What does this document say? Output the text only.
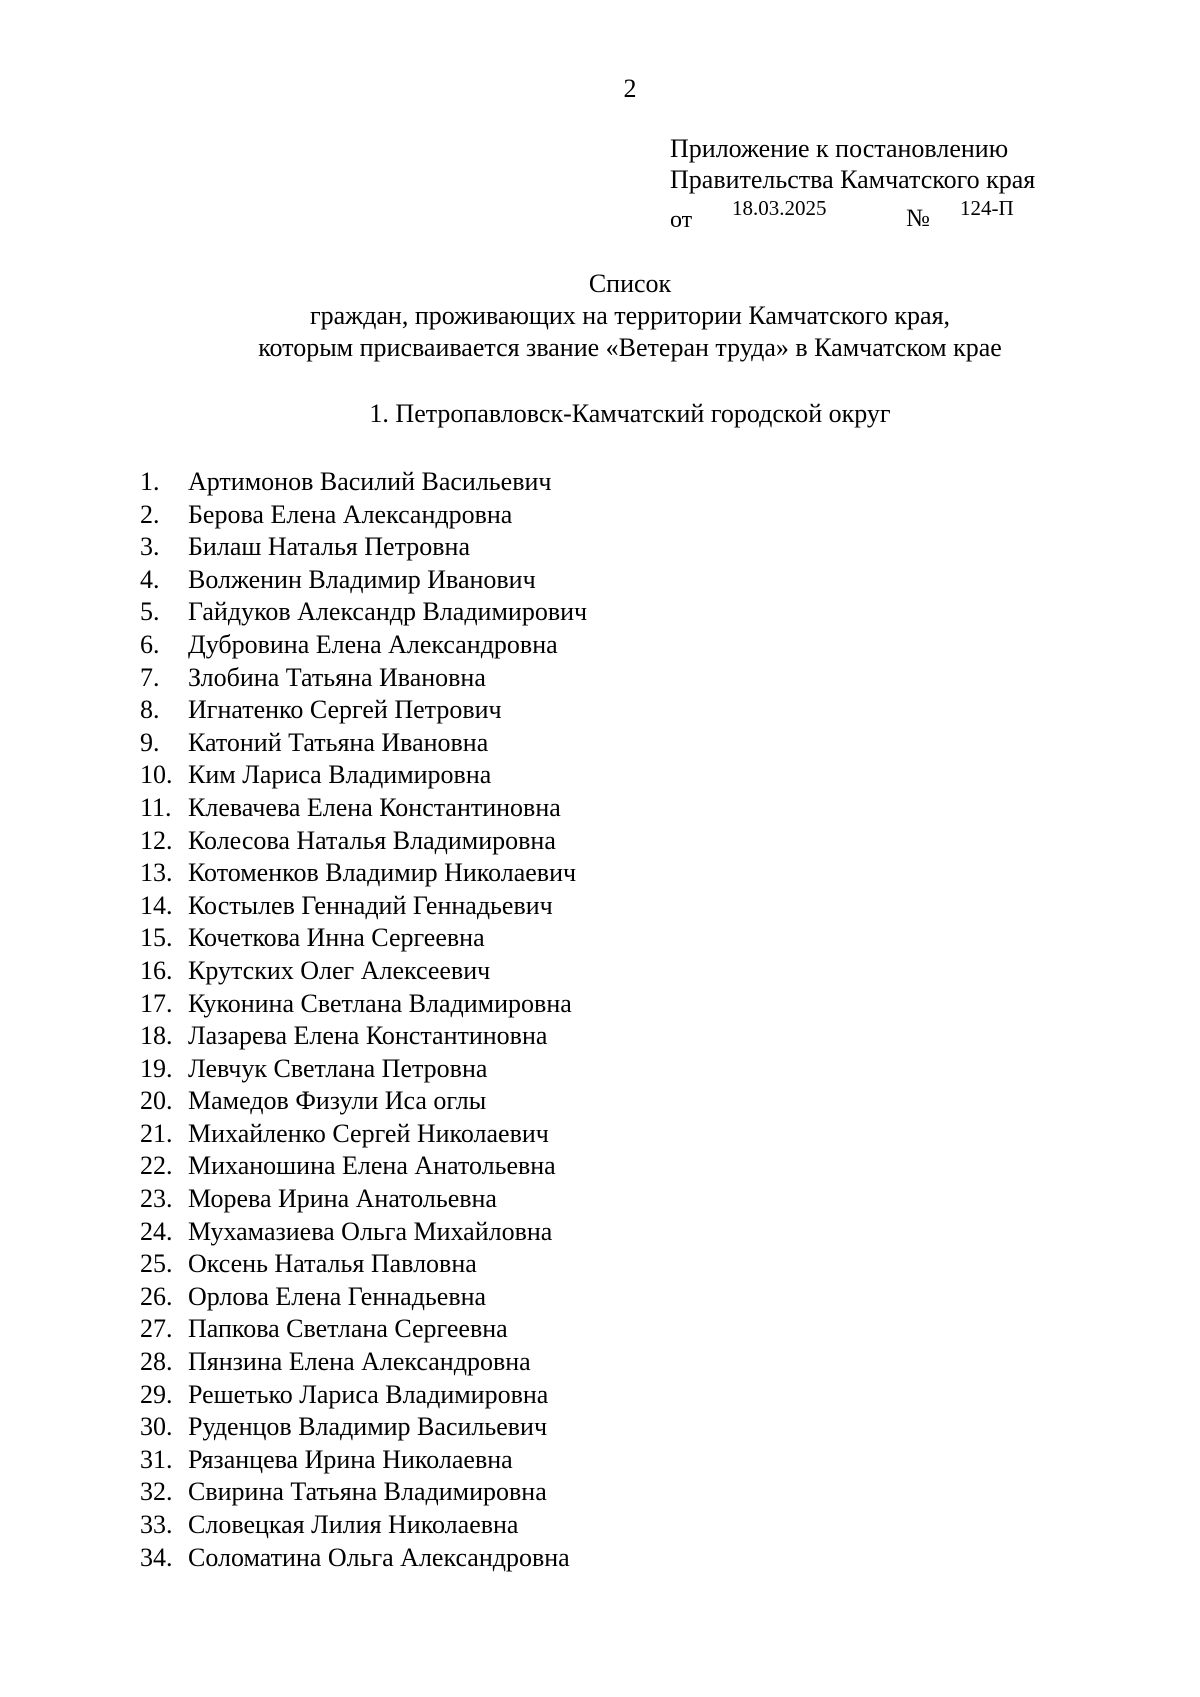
2
Приложение к постановлению
Правительства Камчатского края
от 18.03.2025	№ 124-П
Список
граждан, проживающих на территории Камчатского края,
которым присваивается звание «Ветеран труда» в Камчатском крае
1. Петропавловск-Камчатский городской округ
1. Артимонов Василий Васильевич
2. Берова Елена Александровна
3. Билаш Наталья Петровна
4. Волженин Владимир Иванович
5. Гайдуков Александр Владимирович
6. Дубровина Елена Александровна
7. Злобина Татьяна Ивановна
8. Игнатенко Сергей Петрович
9. Катоний Татьяна Ивановна
10. Ким Лариса Владимировна
11. Клевачева Елена Константиновна
12. Колесова Наталья Владимировна
13. Котоменков Владимир Николаевич
14. Костылев Геннадий Геннадьевич
15. Кочеткова Инна Сергеевна
16. Крутских Олег Алексеевич
17. Куконина Светлана Владимировна
18. Лазарева Елена Константиновна
19. Левчук Светлана Петровна
20. Мамедов Физули Иса оглы
21. Михайленко Сергей Николаевич
22. Миханошина Елена Анатольевна
23. Морева Ирина Анатольевна
24. Мухамазиева Ольга Михайловна
25. Оксень Наталья Павловна
26. Орлова Елена Геннадьевна
27. Папкова Светлана Сергеевна
28. Пянзина Елена Александровна
29. Решетько Лариса Владимировна
30. Руденцов Владимир Васильевич
31. Рязанцева Ирина Николаевна
32. Свирина Татьяна Владимировна
33. Словецкая Лилия Николаевна
34. Соломатина Ольга Александровна
